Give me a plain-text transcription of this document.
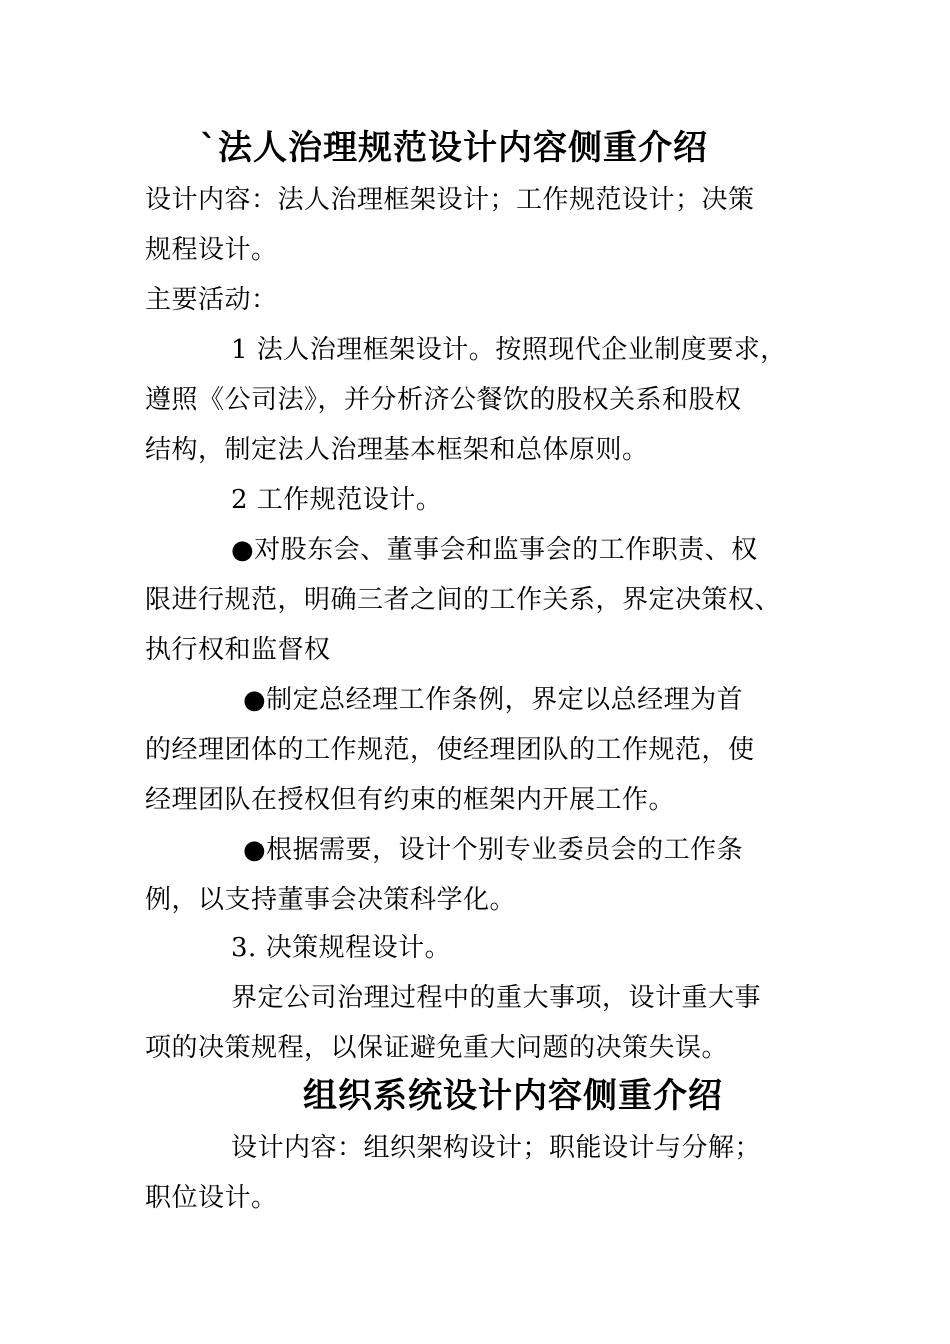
`法人治理规范设计内容侧重介绍
设计内容：法人治理框架设计；工作规范设计；决策
规程设计。
主要活动：
1 法人治理框架设计。按照现代企业制度要求，
遵照《公司法》，并分析济公餐饮的股权关系和股权
结构，制定法人治理基本框架和总体原则。
2 工作规范设计。
●对股东会、董事会和监事会的工作职责、权
限进行规范，明确三者之间的工作关系，界定决策权、
执行权和监督权
●制定总经理工作条例，界定以总经理为首
的经理团体的工作规范，使经理团队的工作规范，使
经理团队在授权但有约束的框架内开展工作。
●根据需要，设计个别专业委员会的工作条
例，以支持董事会决策科学化。
3. 决策规程设计。
界定公司治理过程中的重大事项，设计重大事
项的决策规程，以保证避免重大问题的决策失误。
组织系统设计内容侧重介绍
设计内容：组织架构设计；职能设计与分解；
职位设计。
